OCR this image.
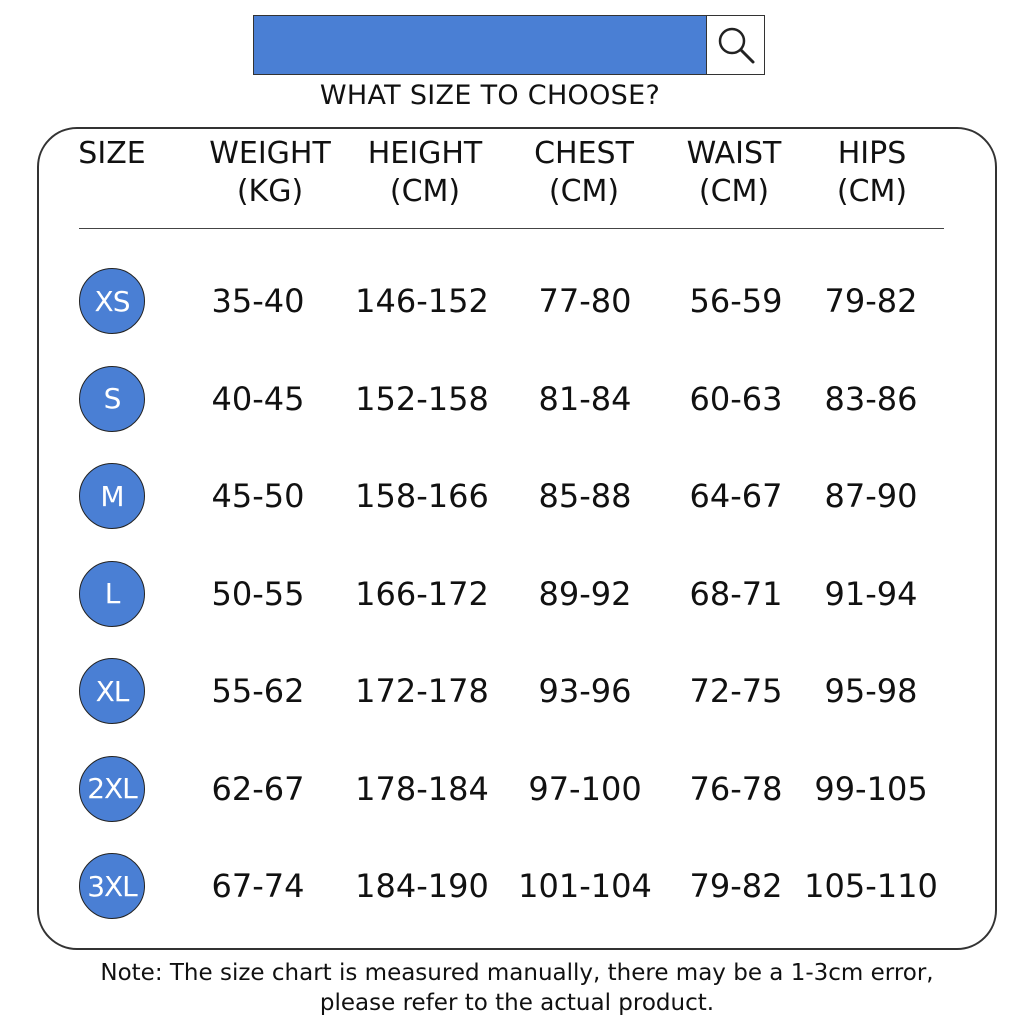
WHAT SIZE TO CHOOSE?
SIZE WEIGHT
(KG)
HEIGHT
(CM)
CHEST
(CM)
WAIST
(CM)
HIPS
(CM)
XS	35-40 146-152 77-80 56-59 79-82
S	40-45 152-158 81-84 60-63 83-86
M	45-50 158-166 85-88 64-67 87-90
L	50-55 166-172 89-92 68-71 91-94
XL	55-62 172-178 93-96 72-75 95-98
2XL 62-67 178-184 97-100 76-78 99-105
3XL 67-74 184-190 101-104 79-82 105-110
Note: The size chart is measured manually, there may be a 1-3cm error,
please refer to the actual product.
